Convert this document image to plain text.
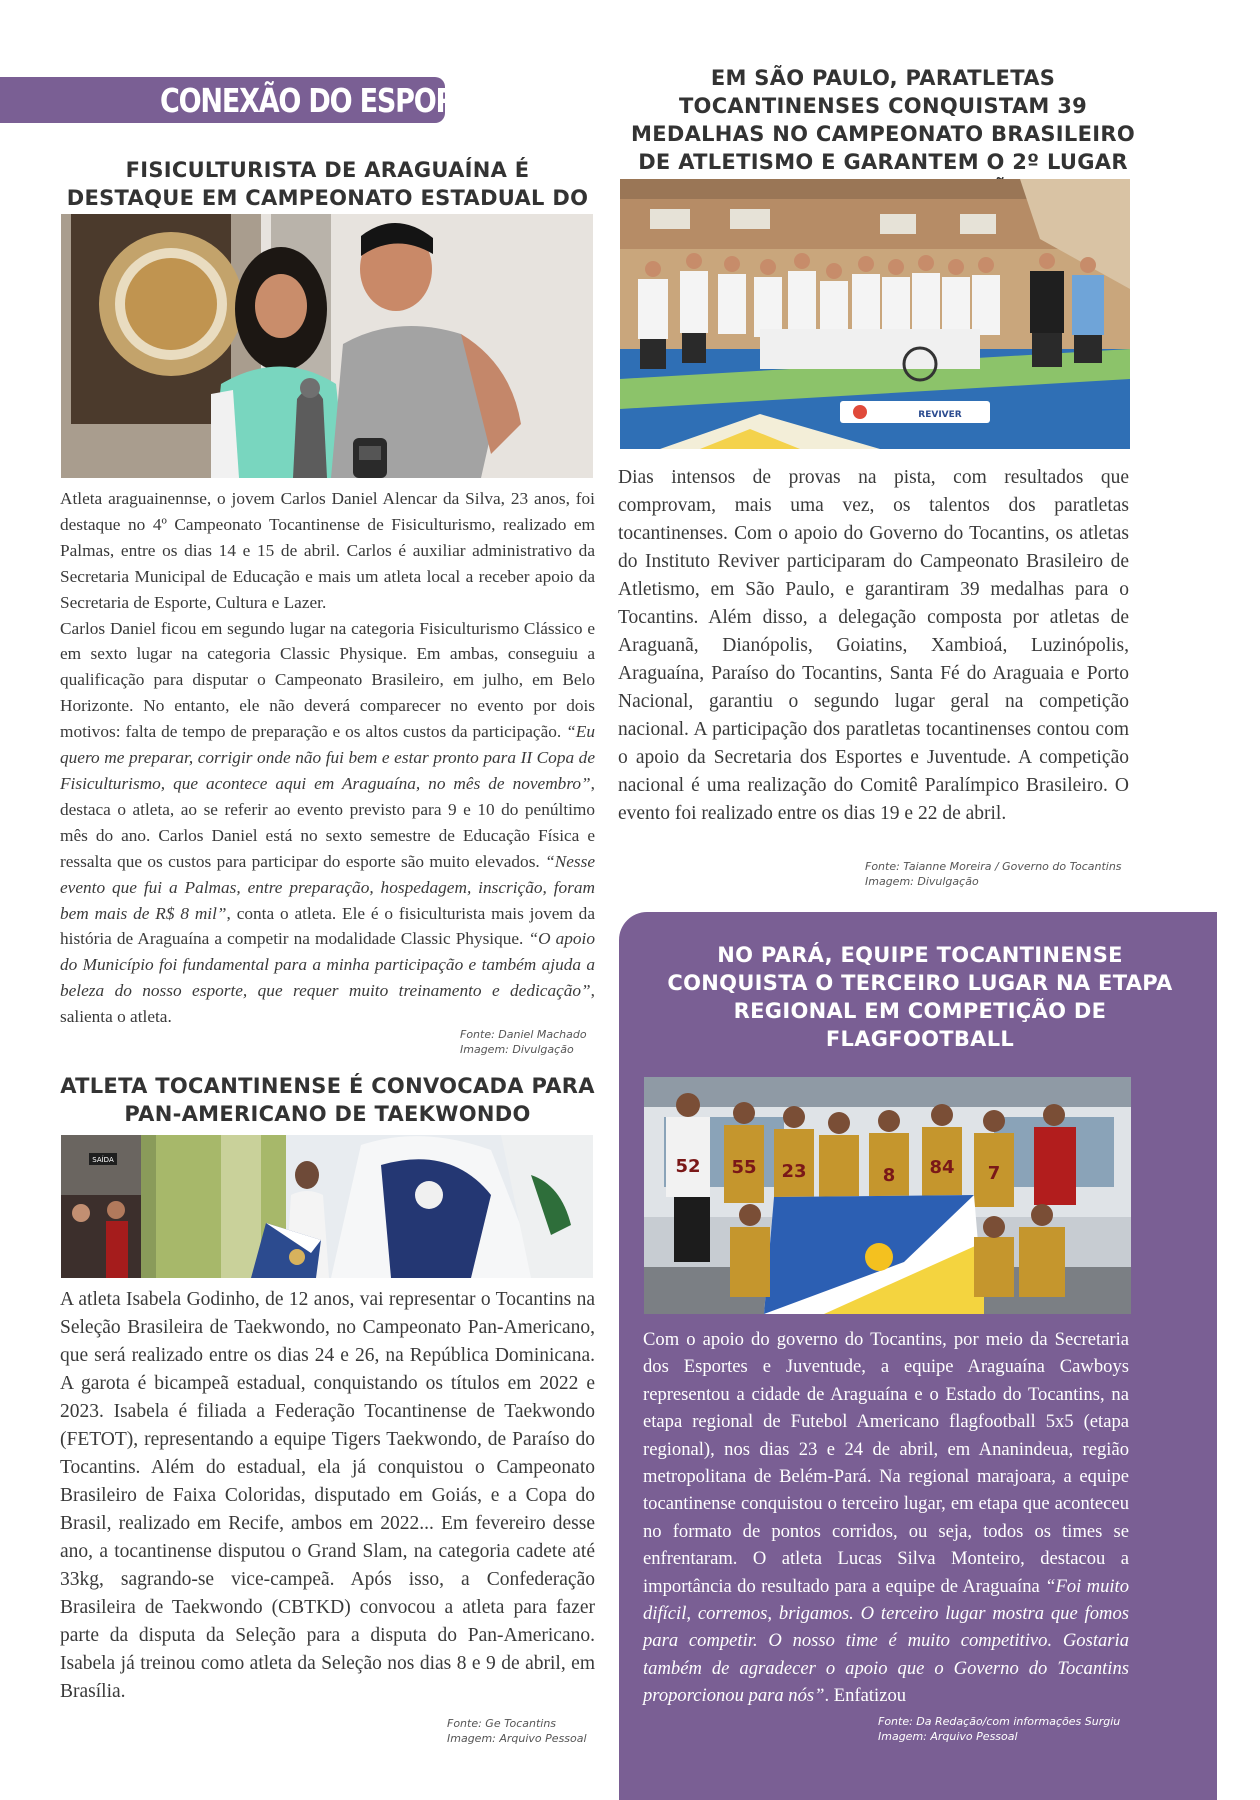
CONEXÃO DO ESPORTE
FISICULTURISTA DE ARAGUAÍNA É DESTAQUE EM CAMPEONATO ESTADUAL DO
Atleta araguainennse, o jovem Carlos Daniel Alencar da Silva, 23 anos, foi destaque no 4º Campeonato Tocantinense de Fisiculturismo, realizado em Palmas, entre os dias 14 e 15 de abril. Carlos é auxiliar administrativo da Secretaria Municipal de Educação e mais um atleta local a receber apoio da Secretaria de Esporte, Cultura e Lazer.
Carlos Daniel ficou em segundo lugar na categoria Fisiculturismo Clássico e em sexto lugar na categoria Classic Physique. Em ambas, conseguiu a qualificação para disputar o Campeonato Brasileiro, em julho, em Belo Horizonte. No entanto, ele não deverá comparecer no evento por dois motivos: falta de tempo de preparação e os altos custos da participação. “Eu quero me preparar, corrigir onde não fui bem e estar pronto para II Copa de Fisiculturismo, que acontece aqui em Araguaína, no mês de novembro”, destaca o atleta, ao se referir ao evento previsto para 9 e 10 do penúltimo mês do ano. Carlos Daniel está no sexto semestre de Educação Física e ressalta que os custos para participar do esporte são muito elevados. “Nesse evento que fui a Palmas, entre preparação, hospedagem, inscrição, foram bem mais de R$ 8 mil”, conta o atleta. Ele é o fisiculturista mais jovem da história de Araguaína a competir na modalidade Classic Physique. “O apoio do Município foi fundamental para a minha participação e também ajuda a beleza do nosso esporte, que requer muito treinamento e dedicação”, salienta o atleta.
Fonte: Daniel Machado
Imagem: Divulgação
ATLETA TOCANTINENSE É CONVOCADA PARA PAN-AMERICANO DE TAEKWONDO
SAÍDA
A atleta Isabela Godinho, de 12 anos, vai representar o Tocantins na Seleção Brasileira de Taekwondo, no Campeonato Pan-Americano, que será realizado entre os dias 24 e 26, na República Dominicana. A garota é bicampeã estadual, conquistando os títulos em 2022 e 2023. Isabela é filiada a Federação Tocantinense de Taekwondo (FETOT), representando a equipe Tigers Taekwondo, de Paraíso do Tocantins. Além do estadual, ela já conquistou o Campeonato Brasileiro de Faixa Coloridas, disputado em Goiás, e a Copa do Brasil, realizado em Recife, ambos em 2022... Em fevereiro desse ano, a tocantinense disputou o Grand Slam, na categoria cadete até 33kg, sagrando-se vice-campeã. Após isso, a Confederação Brasileira de Taekwondo (CBTKD) convocou a atleta para fazer parte da disputa da Seleção para a disputa do Pan-Americano. Isabela já treinou como atleta da Seleção nos dias 8 e 9 de abril, em Brasília.
Fonte: Ge Tocantins
Imagem: Arquivo Pessoal
EM SÃO PAULO, PARATLETAS TOCANTINENSES CONQUISTAM 39 MEDALHAS NO CAMPEONATO BRASILEIRO DE ATLETISMO E GARANTEM O 2º LUGAR
REVIVER
Dias intensos de provas na pista, com resultados que comprovam, mais uma vez, os talentos dos paratletas tocantinenses. Com o apoio do Governo do Tocantins, os atletas do Instituto Reviver participaram do Campeonato Brasileiro de Atletismo, em São Paulo, e garantiram 39 medalhas para o Tocantins. Além disso, a delegação composta por atletas de Araguanã, Dianópolis, Goiatins, Xambioá, Luzinópolis, Araguaína, Paraíso do Tocantins, Santa Fé do Araguaia e Porto Nacional, garantiu o segundo lugar geral na competição nacional. A participação dos paratletas tocantinenses contou com o apoio da Secretaria dos Esportes e Juventude. A competição nacional é uma realização do Comitê Paralímpico Brasileiro. O evento foi realizado entre os dias 19 e 22 de abril.
Fonte: Taianne Moreira / Governo do Tocantins
Imagem: Divulgação
NO PARÁ, EQUIPE TOCANTINENSE CONQUISTA O TERCEIRO LUGAR NA ETAPA REGIONAL EM COMPETIÇÃO DE FLAGFOOTBALL
52 55 23	8 84 7
Com o apoio do governo do Tocantins, por meio da Secretaria dos Esportes e Juventude, a equipe Araguaína Cawboys representou a cidade de Araguaína e o Estado do Tocantins, na etapa regional de Futebol Americano flagfootball 5x5 (etapa regional), nos dias 23 e 24 de abril, em Ananindeua, região metropolitana de Belém-Pará. Na regional marajoara, a equipe tocantinense conquistou o terceiro lugar, em etapa que aconteceu no formato de pontos corridos, ou seja, todos os times se enfrentaram. O atleta Lucas Silva Monteiro, destacou a importância do resultado para a equipe de Araguaína “Foi muito difícil, corremos, brigamos. O terceiro lugar mostra que fomos para competir. O nosso time é muito competitivo. Gostaria também de agradecer o apoio que o Governo do Tocantins proporcionou para nós”. Enfatizou
Fonte: Da Redação/com informações Surgiu
Imagem: Arquivo Pessoal
